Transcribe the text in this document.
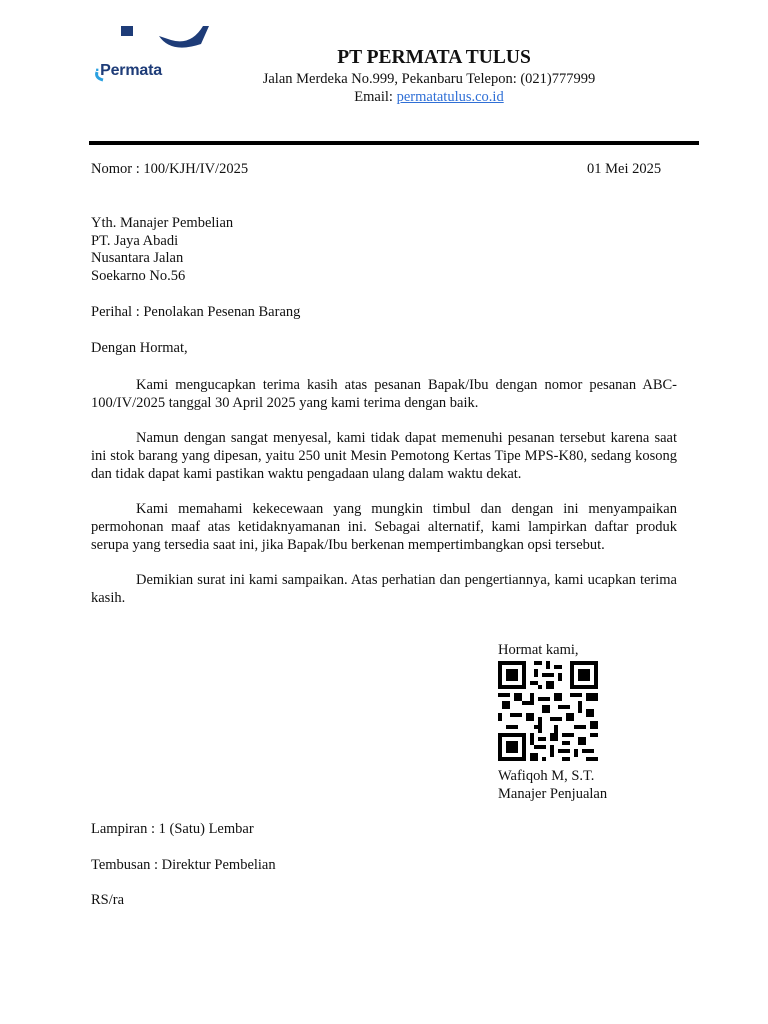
·Permata
PT PERMATA TULUS
Jalan Merdeka No.999, Pekanbaru Telepon: (021)777999
Email: permatatulus.co.id
Nomor : 100/KJH/IV/2025	01 Mei 2025
Yth. Manajer Pembelian
PT. Jaya Abadi
Nusantara Jalan
Soekarno No.56
Perihal : Penolakan Pesenan Barang
Dengan Hormat,
Kami mengucapkan terima kasih atas pesanan Bapak/Ibu dengan nomor pesanan ABC-100/IV/2025 tanggal 30 April 2025 yang kami terima dengan baik.
Namun dengan sangat menyesal, kami tidak dapat memenuhi pesanan tersebut karena saat ini stok barang yang dipesan, yaitu 250 unit Mesin Pemotong Kertas Tipe MPS-K80, sedang kosong dan tidak dapat kami pastikan waktu pengadaan ulang dalam waktu dekat.
Kami memahami kekecewaan yang mungkin timbul dan dengan ini menyampaikan permohonan maaf atas ketidaknyamanan ini. Sebagai alternatif, kami lampirkan daftar produk serupa yang tersedia saat ini, jika Bapak/Ibu berkenan mempertimbangkan opsi tersebut.
Demikian surat ini kami sampaikan. Atas perhatian dan pengertiannya, kami ucapkan terima kasih.
Hormat kami,
Wafiqoh M, S.T.
Manajer Penjualan
Lampiran : 1 (Satu) Lembar
Tembusan : Direktur Pembelian
RS/ra
